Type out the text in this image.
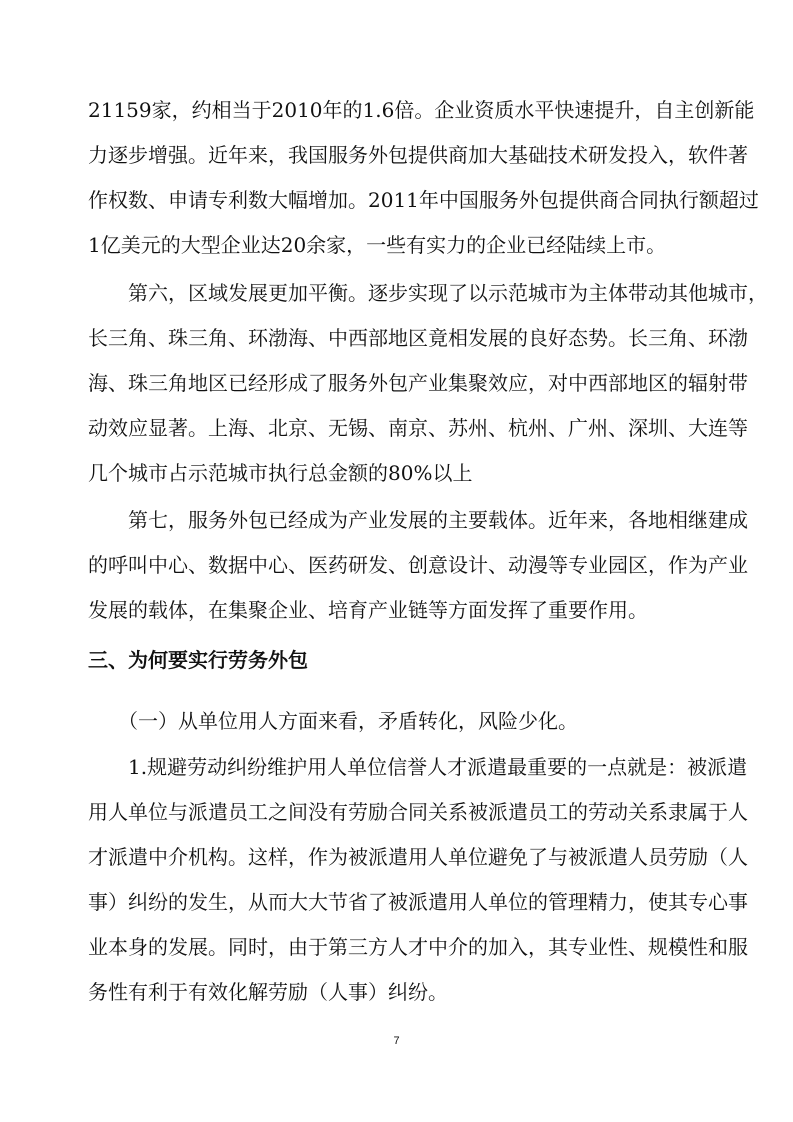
21159家，约相当于2010年的1.6倍。企业资质水平快速提升，自主创新能
力逐步增强。近年来，我国服务外包提供商加大基础技术研发投入，软件著
作权数、申请专利数大幅增加。2011年中国服务外包提供商合同执行额超过
1亿美元的大型企业达20余家，一些有实力的企业已经陆续上市。
　　第六，区域发展更加平衡。逐步实现了以示范城市为主体带动其他城市，
长三角、珠三角、环渤海、中西部地区竟相发展的良好态势。长三角、环渤
海、珠三角地区已经形成了服务外包产业集聚效应，对中西部地区的辐射带
动效应显著。上海、北京、无锡、南京、苏州、杭州、广州、深圳、大连等
几个城市占示范城市执行总金额的80%以上
　　第七，服务外包已经成为产业发展的主要载体。近年来，各地相继建成
的呼叫中心、数据中心、医药研发、创意设计、动漫等专业园区，作为产业
发展的载体，在集聚企业、培育产业链等方面发挥了重要作用。
三、为何要实行劳务外包
　　（一）从单位用人方面来看，矛盾转化，风险少化。
　　1.规避劳动纠纷维护用人单位信誉人才派遣最重要的一点就是：被派遣
用人单位与派遣员工之间没有劳励合同关系被派遣员工的劳动关系隶属于人
才派遣中介机构。这样，作为被派遣用人单位避免了与被派遣人员劳励（人
事）纠纷的发生，从而大大节省了被派遣用人单位的管理精力，使其专心事
业本身的发展。同时，由于第三方人才中介的加入，其专业性、规模性和服
务性有利于有效化解劳励（人事）纠纷。
7
